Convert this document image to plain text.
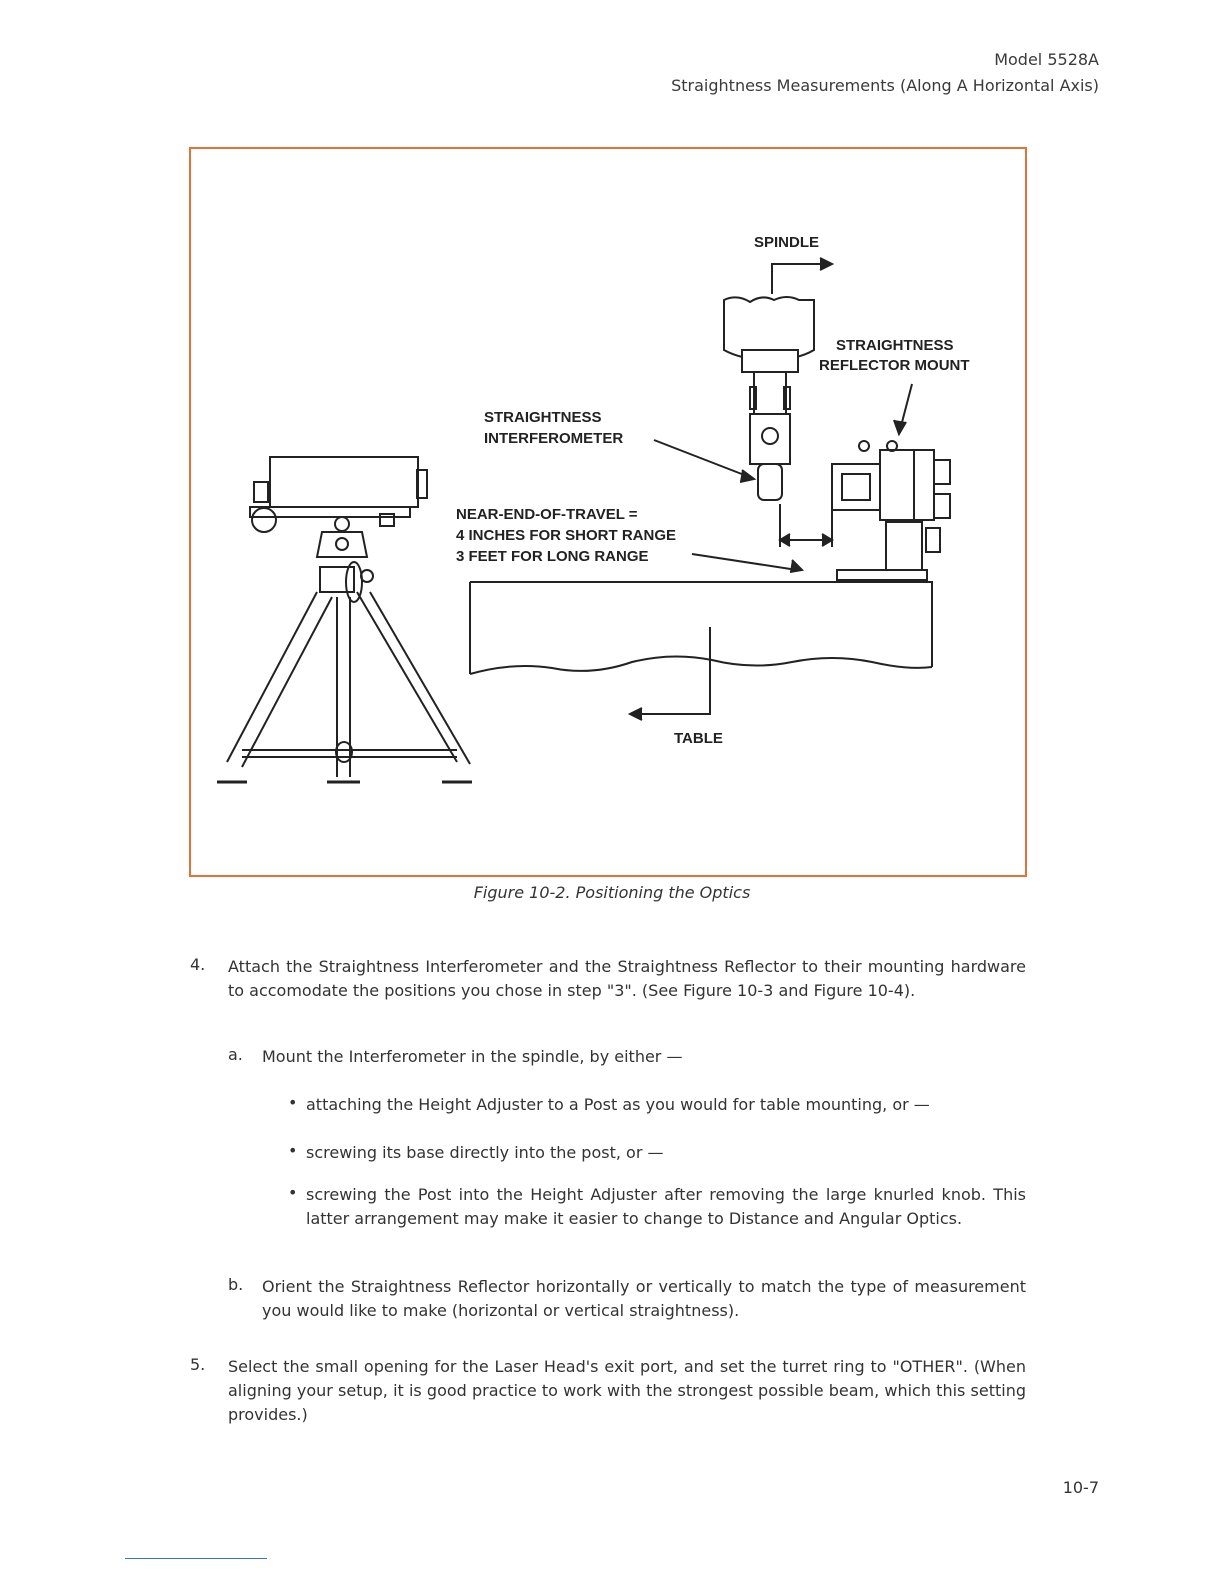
Model 5528A
Straightness Measurements (Along A Horizontal Axis)
SPINDLE
STRAIGHTNESS
REFLECTOR MOUNT
STRAIGHTNESS
INTERFEROMETER
NEAR-END-OF-TRAVEL =
4 INCHES FOR SHORT RANGE
3 FEET FOR LONG RANGE
TABLE
Figure 10-2. Positioning the Optics
4. Attach the Straightness Interferometer and the Straightness Reflector to their mounting hardware to accomodate the positions you chose in step "3". (See Figure 10-3 and Figure 10-4).
a. Mount the Interferometer in the spindle, by either —
• attaching the Height Adjuster to a Post as you would for table mounting, or —
• screwing its base directly into the post, or —
• screwing the Post into the Height Adjuster after removing the large knurled knob. This latter arrangement may make it easier to change to Distance and Angular Optics.
b. Orient the Straightness Reflector horizontally or vertically to match the type of measurement you would like to make (horizontal or vertical straightness).
5. Select the small opening for the Laser Head's exit port, and set the turret ring to "OTHER". (When aligning your setup, it is good practice to work with the strongest possible beam, which this setting provides.)
10-7
